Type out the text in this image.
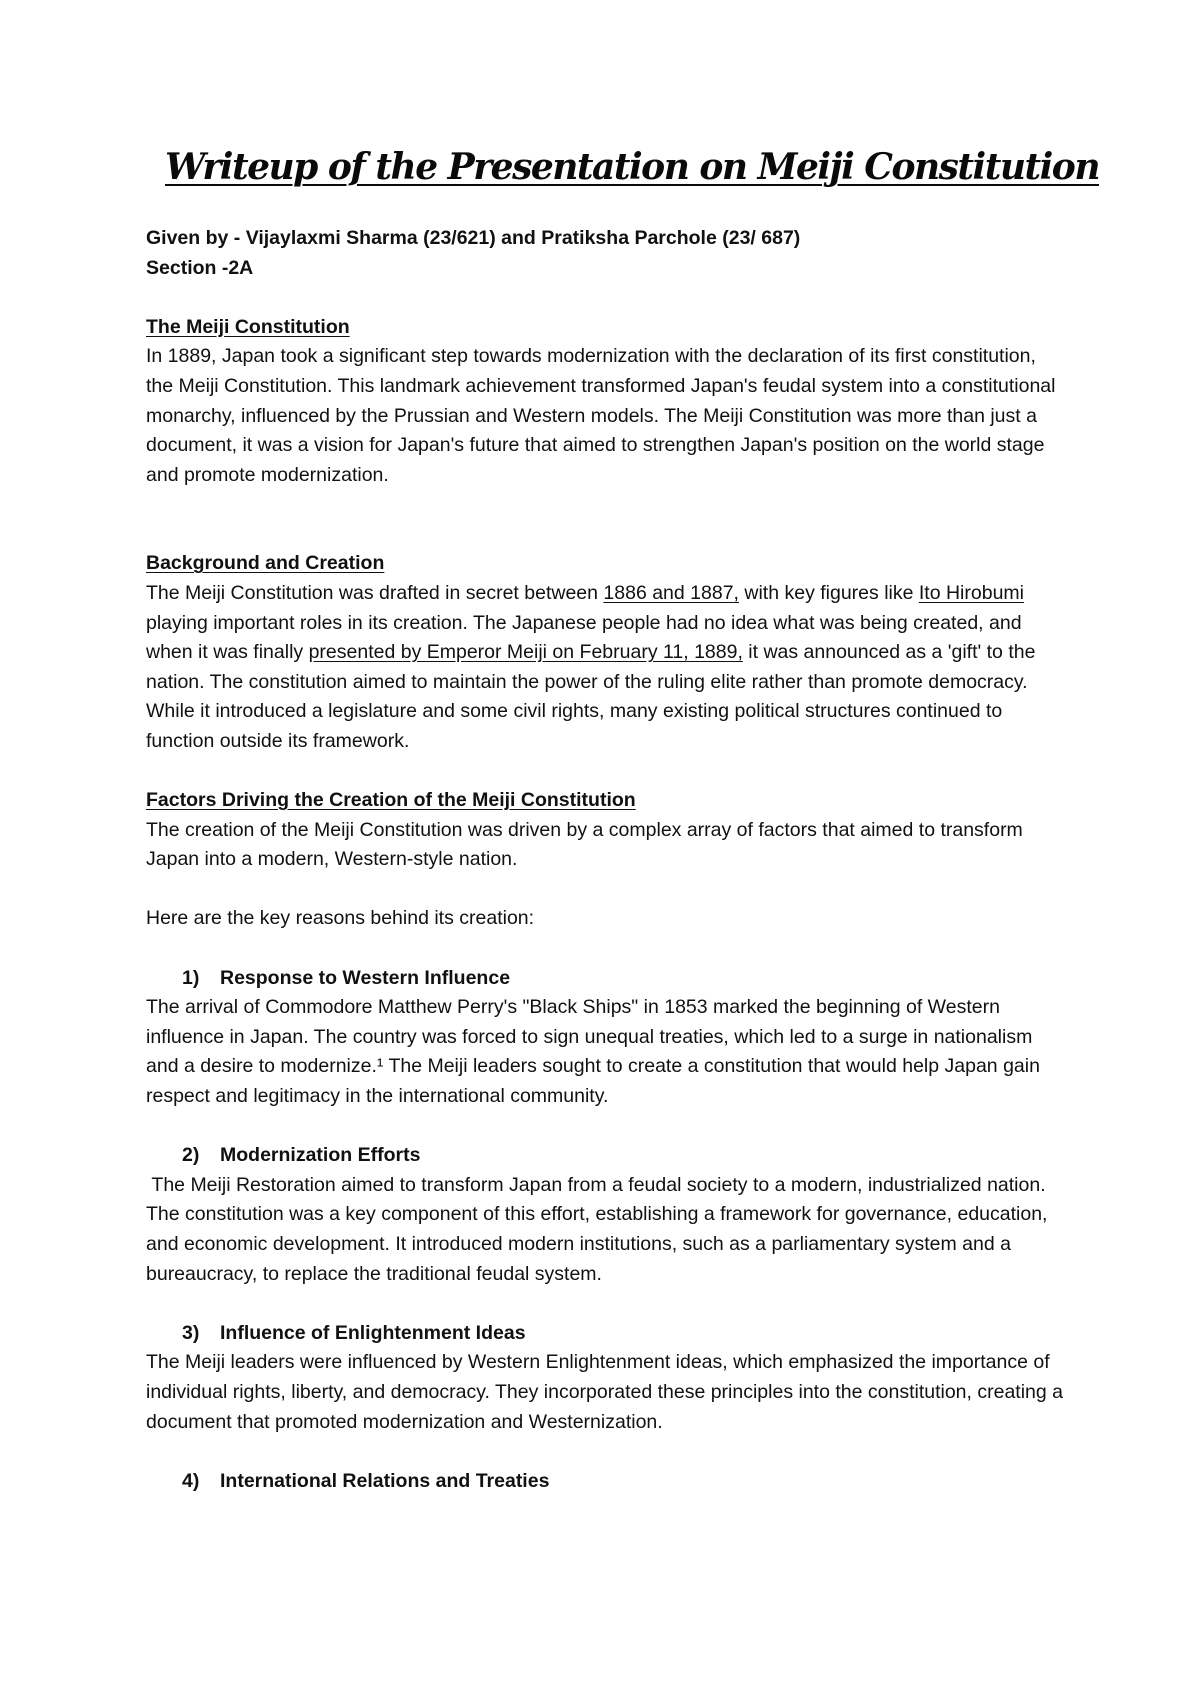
Writeup of the Presentation on Meiji Constitution

Given by - Vijaylaxmi Sharma (23/621) and Pratiksha Parchole (23/ 687)

Section -2A

The Meiji Constitution

In 1889, Japan took a significant step towards modernization with the declaration of its first constitution, the Meiji Constitution. This landmark achievement transformed Japan's feudal system into a constitutional monarchy, influenced by the Prussian and Western models. The Meiji Constitution was more than just a document, it was a vision for Japan's future that aimed to strengthen Japan's position on the world stage and promote modernization.

Background and Creation

The Meiji Constitution was drafted in secret between 1886 and 1887, with key figures like Ito Hirobumi playing important roles in its creation. The Japanese people had no idea what was being created, and when it was finally presented by Emperor Meiji on February 11, 1889, it was announced as a 'gift' to the nation. The constitution aimed to maintain the power of the ruling elite rather than promote democracy. While it introduced a legislature and some civil rights, many existing political structures continued to function outside its framework.

Factors Driving the Creation of the Meiji Constitution

The creation of the Meiji Constitution was driven by a complex array of factors that aimed to transform Japan into a modern, Western-style nation.

Here are the key reasons behind its creation:

1) Response to Western Influence

The arrival of Commodore Matthew Perry's "Black Ships" in 1853 marked the beginning of Western influence in Japan. The country was forced to sign unequal treaties, which led to a surge in nationalism and a desire to modernize.¹ The Meiji leaders sought to create a constitution that would help Japan gain respect and legitimacy in the international community.

2) Modernization Efforts

The Meiji Restoration aimed to transform Japan from a feudal society to a modern, industrialized nation. The constitution was a key component of this effort, establishing a framework for governance, education, and economic development. It introduced modern institutions, such as a parliamentary system and a bureaucracy, to replace the traditional feudal system.

3) Influence of Enlightenment Ideas

The Meiji leaders were influenced by Western Enlightenment ideas, which emphasized the importance of individual rights, liberty, and democracy. They incorporated these principles into the constitution, creating a document that promoted modernization and Westernization.

4) International Relations and Treaties
